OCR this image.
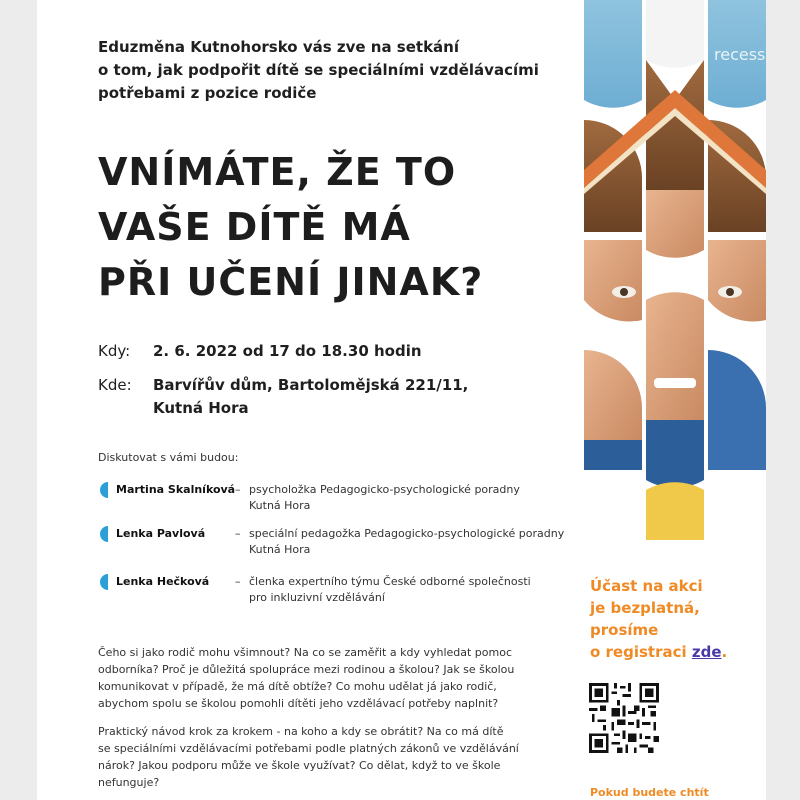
Eduzměna Kutnohorsko vás zve na setkání
o tom, jak podpořit dítě se speciálními vzdělávacími
potřebami z pozice rodiče
VNÍMÁTE, ŽE TO
VAŠE DÍTĚ MÁ
PŘI UČENÍ JINAK?
Kdy: 2. 6. 2022 od 17 do 18.30 hodin
Kde: Barvířův dům, Bartolomějská 221/11,
Kutná Hora
Diskutovat s vámi budou:
Martina Skalníková – psycholožka Pedagogicko-psychologické poradny
Kutná Hora
Lenka Pavlová	– speciální pedagožka Pedagogicko-psychologické poradny
Kutná Hora
Lenka Hečková – členka expertního týmu České odborné společnosti
pro inkluzivní vzdělávání
Čeho si jako rodič mohu všimnout? Na co se zaměřit a kdy vyhledat pomoc
odborníka? Proč je důležitá spolupráce mezi rodinou a školou? Jak se školou
komunikovat v případě, že má dítě obtíže? Co mohu udělat já jako rodič,
abychom spolu se školou pomohli dítěti jeho vzdělávací potřeby naplnit?
Praktický návod krok za krokem - na koho a kdy se obrátit? Na co má dítě
se speciálními vzdělávacími potřebami podle platných zákonů ve vzdělávání
nárok? Jakou podporu může ve škole využívat? Co dělat, když to ve škole
nefunguje?
recess
Účast na akci
je bezplatná,
prosíme
o registraci zde.
Pokud budete chtít
